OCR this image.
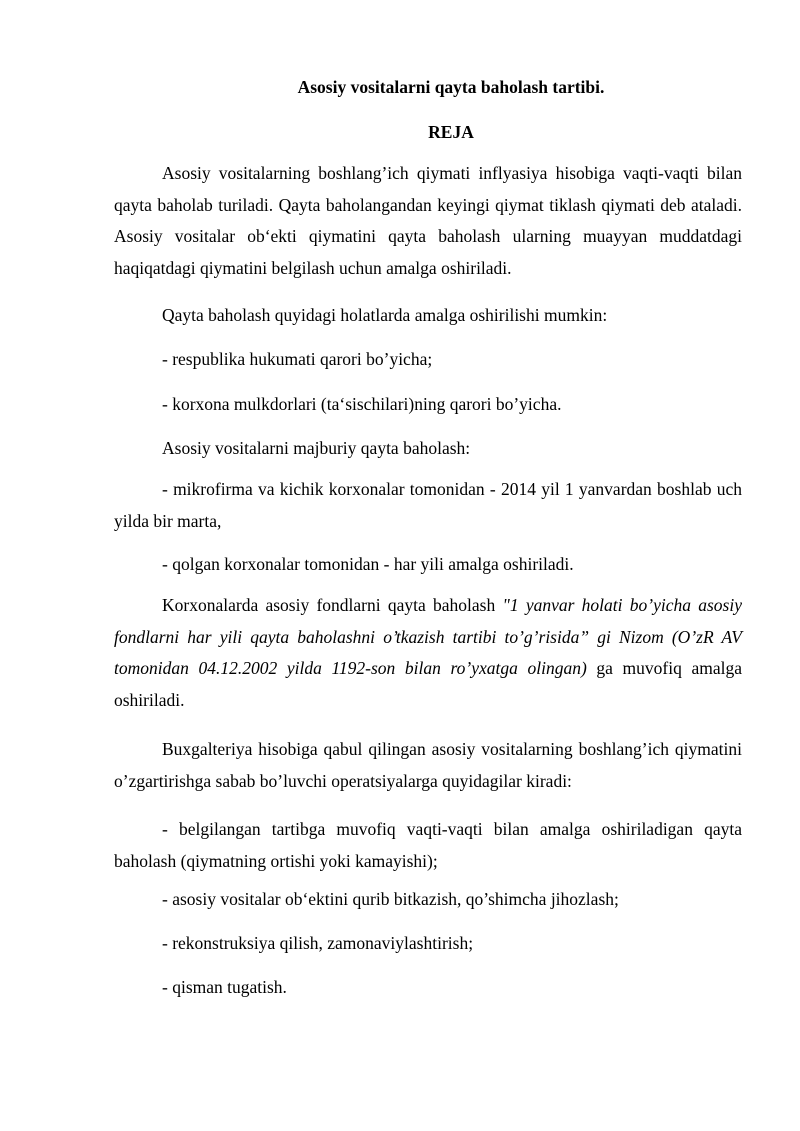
Asosiy vositalarni qayta baholash tartibi.
REJA

Asosiy vositalarning boshlang’ich qiymati inflyasiya hisobiga vaqti-vaqti bilan qayta baholab turiladi. Qayta baholangandan keyingi qiymat tiklash qiymati deb ataladi. Asosiy vositalar ob‘ekti qiymatini qayta baholash ularning muayyan muddatdagi haqiqatdagi qiymatini belgilash uchun amalga oshiriladi.

Qayta baholash quyidagi holatlarda amalga oshirilishi mumkin:
- respublika hukumati qarori bo’yicha;
- korxona mulkdorlari (ta‘sischilari)ning qarori bo’yicha.
Asosiy vositalarni majburiy qayta baholash:

- mikrofirma va kichik korxonalar tomonidan - 2014 yil 1 yanvardan boshlab uch yilda bir marta,

- qolgan korxonalar tomonidan - har yili amalga oshiriladi.

Korxonalarda asosiy fondlarni qayta baholash "1 yanvar holati bo’yicha asosiy fondlarni har yili qayta baholashni o’tkazish tartibi to’g’risida” gi Nizom (O’zR AV tomonidan 04.12.2002 yilda 1192-son bilan ro’yxatga olingan) ga muvofiq amalga oshiriladi.

Buxgalteriya hisobiga qabul qilingan asosiy vositalarning boshlang’ich qiymatini o’zgartirishga sabab bo’luvchi operatsiyalarga quyidagilar kiradi:

- belgilangan tartibga muvofiq vaqti-vaqti bilan amalga oshiriladigan qayta baholash (qiymatning ortishi yoki kamayishi);

- asosiy vositalar ob‘ektini qurib bitkazish, qo’shimcha jihozlash;
- rekonstruksiya qilish, zamonaviylashtirish;
- qisman tugatish.
